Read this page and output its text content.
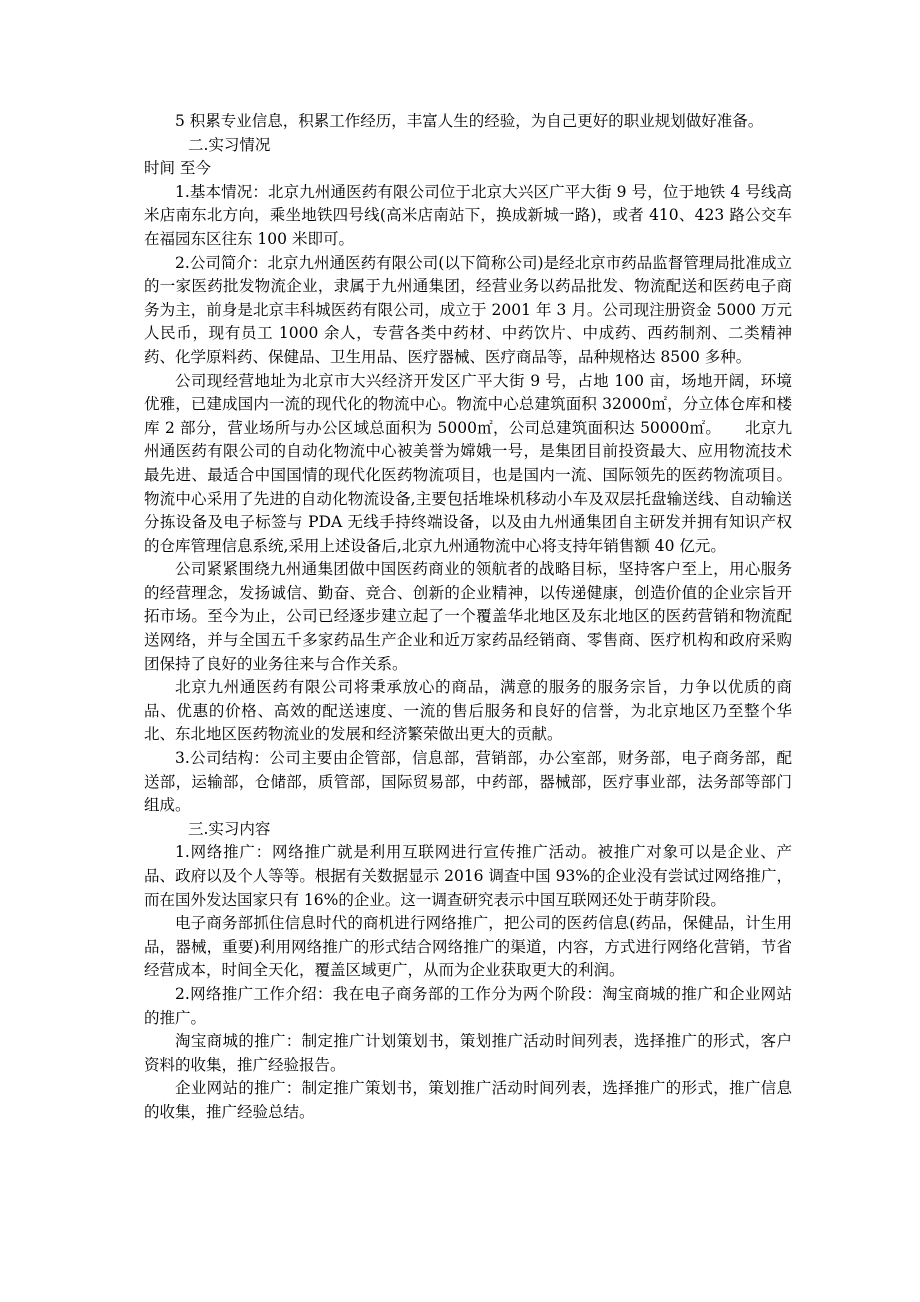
5 积累专业信息，积累工作经历，丰富人生的经验，为自己更好的职业规划做好准备。

二.实习情况

时间 至今

1.基本情况：北京九州通医药有限公司位于北京大兴区广平大街 9 号，位于地铁 4 号线高米店南东北方向，乘坐地铁四号线(高米店南站下，换成新城一路)，或者 410、423 路公交车在福园东区往东 100 米即可。

2.公司简介：北京九州通医药有限公司(以下简称公司)是经北京市药品监督管理局批准成立的一家医药批发物流企业，隶属于九州通集团，经营业务以药品批发、物流配送和医药电子商务为主，前身是北京丰科城医药有限公司，成立于 2001 年 3 月。公司现注册资金 5000 万元人民币，现有员工 1000 余人，专营各类中药材、中药饮片、中成药、西药制剂、二类精神药、化学原料药、保健品、卫生用品、医疗器械、医疗商品等，品种规格达 8500 多种。

公司现经营地址为北京市大兴经济开发区广平大街 9 号，占地 100 亩，场地开阔，环境优雅，已建成国内一流的现代化的物流中心。物流中心总建筑面积 32000㎡，分立体仓库和楼库 2 部分，营业场所与办公区域总面积为 5000㎡，公司总建筑面积达 50000㎡。　　北京九州通医药有限公司的自动化物流中心被美誉为嫦娥一号，是集团目前投资最大、应用物流技术最先进、最适合中国国情的现代化医药物流项目，也是国内一流、国际领先的医药物流项目。物流中心采用了先进的自动化物流设备,主要包括堆垛机移动小车及双层托盘输送线、自动输送分拣设备及电子标签与 PDA 无线手持终端设备，以及由九州通集团自主研发并拥有知识产权的仓库管理信息系统,采用上述设备后,北京九州通物流中心将支持年销售额 40 亿元。

公司紧紧围绕九州通集团做中国医药商业的领航者的战略目标，坚持客户至上，用心服务的经营理念，发扬诚信、勤奋、竞合、创新的企业精神，以传递健康，创造价值的企业宗旨开拓市场。至今为止，公司已经逐步建立起了一个覆盖华北地区及东北地区的医药营销和物流配送网络，并与全国五千多家药品生产企业和近万家药品经销商、零售商、医疗机构和政府采购团保持了良好的业务往来与合作关系。

北京九州通医药有限公司将秉承放心的商品，满意的服务的服务宗旨，力争以优质的商品、优惠的价格、高效的配送速度、一流的售后服务和良好的信誉，为北京地区乃至整个华北、东北地区医药物流业的发展和经济繁荣做出更大的贡献。

3.公司结构：公司主要由企管部，信息部，营销部，办公室部，财务部，电子商务部，配送部，运输部，仓储部，质管部，国际贸易部，中药部，器械部，医疗事业部，法务部等部门组成。

三.实习内容

1.网络推广：网络推广就是利用互联网进行宣传推广活动。被推广对象可以是企业、产品、政府以及个人等等。根据有关数据显示 2016 调查中国 93%的企业没有尝试过网络推广，而在国外发达国家只有 16%的企业。这一调查研究表示中国互联网还处于萌芽阶段。

电子商务部抓住信息时代的商机进行网络推广，把公司的医药信息(药品，保健品，计生用品，器械，重要)利用网络推广的形式结合网络推广的渠道，内容，方式进行网络化营销，节省经营成本，时间全天化，覆盖区域更广，从而为企业获取更大的利润。

2.网络推广工作介绍：我在电子商务部的工作分为两个阶段：淘宝商城的推广和企业网站的推广。

淘宝商城的推广：制定推广计划策划书，策划推广活动时间列表，选择推广的形式，客户资料的收集，推广经验报告。

企业网站的推广：制定推广策划书，策划推广活动时间列表，选择推广的形式，推广信息的收集，推广经验总结。
